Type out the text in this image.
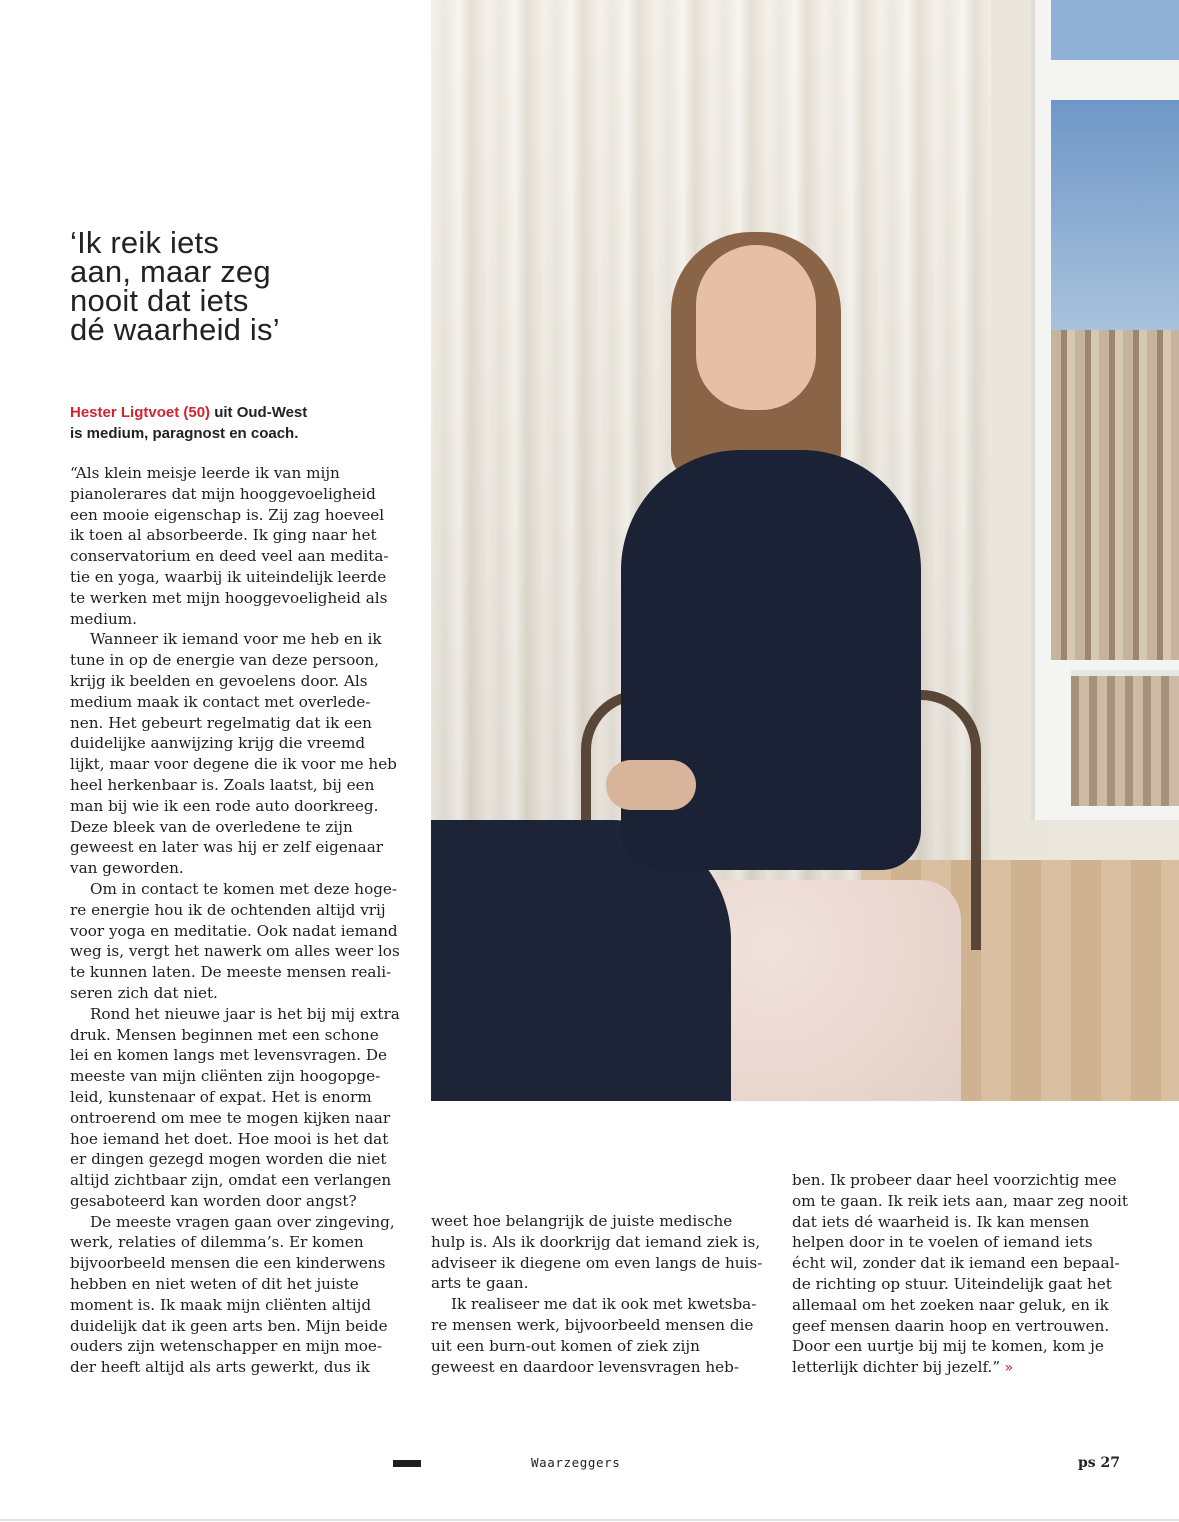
‘Ik reik iets
aan, maar zeg
nooit dat iets
dé waarheid is’
Hester Ligtvoet (50) uit Oud-West
is medium, paragnost en coach.
“Als klein meisje leerde ik van mijn
pianolerares dat mijn hooggevoeligheid
een mooie eigenschap is. Zij zag hoeveel
ik toen al absorbeerde. Ik ging naar het
conservatorium en deed veel aan medita-
tie en yoga, waarbij ik uiteindelijk leerde
te werken met mijn hooggevoeligheid als
medium.
Wanneer ik iemand voor me heb en ik
tune in op de energie van deze persoon,
krijg ik beelden en gevoelens door. Als
medium maak ik contact met overlede-
nen. Het gebeurt regelmatig dat ik een
duidelijke aanwijzing krijg die vreemd
lijkt, maar voor degene die ik voor me heb
heel herkenbaar is. Zoals laatst, bij een
man bij wie ik een rode auto doorkreeg.
Deze bleek van de overledene te zijn
geweest en later was hij er zelf eigenaar
van geworden.
Om in contact te komen met deze hoge-
re energie hou ik de ochtenden altijd vrij
voor yoga en meditatie. Ook nadat iemand
weg is, vergt het nawerk om alles weer los
te kunnen laten. De meeste mensen reali-
seren zich dat niet.
Rond het nieuwe jaar is het bij mij extra
druk. Mensen beginnen met een schone
lei en komen langs met levensvragen. De
meeste van mijn cliënten zijn hoogopge-
leid, kunstenaar of expat. Het is enorm
ontroerend om mee te mogen kijken naar
hoe iemand het doet. Hoe mooi is het dat
er dingen gezegd mogen worden die niet
altijd zichtbaar zijn, omdat een verlangen
gesaboteerd kan worden door angst?
De meeste vragen gaan over zingeving,
werk, relaties of dilemma’s. Er komen
bijvoorbeeld mensen die een kinderwens
hebben en niet weten of dit het juiste
moment is. Ik maak mijn cliënten altijd
duidelijk dat ik geen arts ben. Mijn beide
ouders zijn wetenschapper en mijn moe-
der heeft altijd als arts gewerkt, dus ik
weet hoe belangrijk de juiste medische
hulp is. Als ik doorkrijg dat iemand ziek is,
adviseer ik diegene om even langs de huis-
arts te gaan.
Ik realiseer me dat ik ook met kwetsba-
re mensen werk, bijvoorbeeld mensen die
uit een burn-out komen of ziek zijn
geweest en daardoor levensvragen heb-
ben. Ik probeer daar heel voorzichtig mee
om te gaan. Ik reik iets aan, maar zeg nooit
dat iets dé waarheid is. Ik kan mensen
helpen door in te voelen of iemand iets
écht wil, zonder dat ik iemand een bepaal-
de richting op stuur. Uiteindelijk gaat het
allemaal om het zoeken naar geluk, en ik
geef mensen daarin hoop en vertrouwen.
Door een uurtje bij mij te komen, kom je
letterlijk dichter bij jezelf.” »
Waarzeggers	ps 27
